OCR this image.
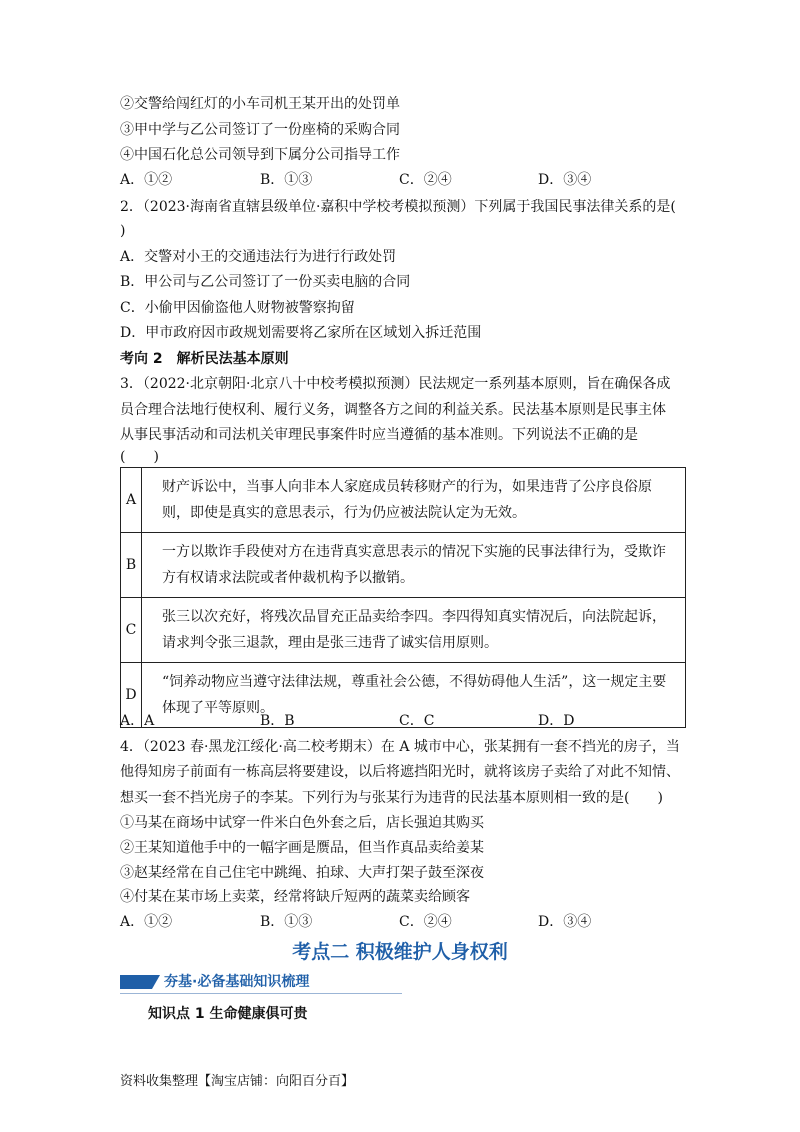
②交警给闯红灯的小车司机王某开出的处罚单
③甲中学与乙公司签订了一份座椅的采购合同
④中国石化总公司领导到下属分公司指导工作
A．①②	B．①③	C．②④	D．③④
2．（2023·海南省直辖县级单位·嘉积中学校考模拟预测）下列属于我国民事法律关系的是(
)
A．交警对小王的交通违法行为进行行政处罚
B．甲公司与乙公司签订了一份买卖电脑的合同
C．小偷甲因偷盗他人财物被警察拘留
D．甲市政府因市政规划需要将乙家所在区域划入拆迁范围
考向 2　解析民法基本原则
3．（2022·北京朝阳·北京八十中校考模拟预测）民法规定一系列基本原则，旨在确保各成
员合理合法地行使权利、履行义务，调整各方之间的利益关系。民法基本原则是民事主体
从事民事活动和司法机关审理民事案件时应当遵循的基本准则。下列说法不正确的是
(　　)
A	财产诉讼中，当事人向非本人家庭成员转移财产的行为，如果违背了公序良俗原则，即使是真实的意思表示，行为仍应被法院认定为无效。
B	一方以欺诈手段使对方在违背真实意思表示的情况下实施的民事法律行为，受欺诈方有权请求法院或者仲裁机构予以撤销。
C	张三以次充好，将残次品冒充正品卖给李四。李四得知真实情况后，向法院起诉，请求判令张三退款，理由是张三违背了诚实信用原则。
D	“饲养动物应当遵守法律法规，尊重社会公德，不得妨碍他人生活”，这一规定主要体现了平等原则。
A．A	B．B	C．C	D．D
4．（2023 春·黑龙江绥化·高二校考期末）在 A 城市中心，张某拥有一套不挡光的房子，当
他得知房子前面有一栋高层将要建设，以后将遮挡阳光时，就将该房子卖给了对此不知情、
想买一套不挡光房子的李某。下列行为与张某行为违背的民法基本原则相一致的是(　　)
①马某在商场中试穿一件米白色外套之后，店长强迫其购买
②王某知道他手中的一幅字画是赝品，但当作真品卖给姜某
③赵某经常在自己住宅中跳绳、拍球、大声打架子鼓至深夜
④付某在某市场上卖菜，经常将缺斤短两的蔬菜卖给顾客
A．①②	B．①③	C．②④	D．③④
考点二 积极维护人身权利
夯基·必备基础知识梳理
知识点 1 生命健康俱可贵
资料收集整理【淘宝店铺：向阳百分百】
